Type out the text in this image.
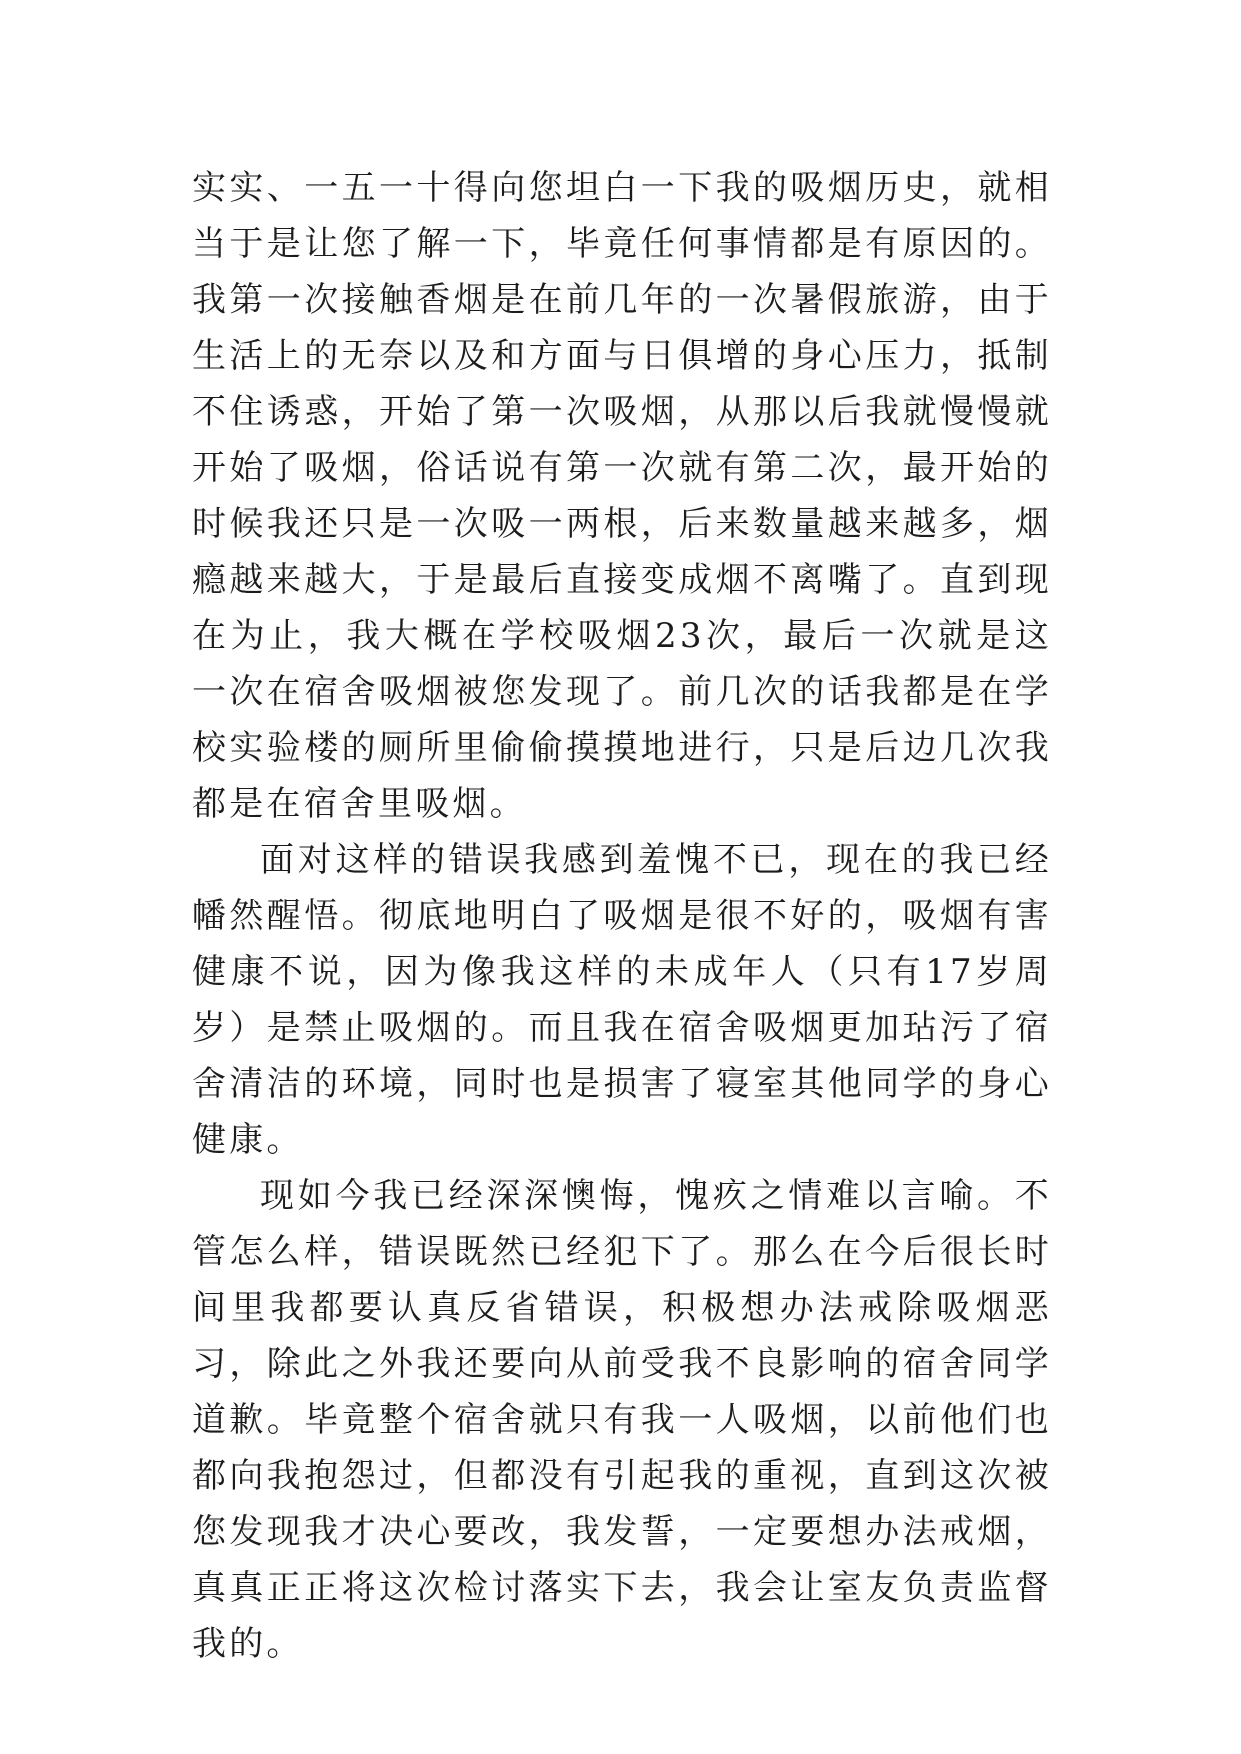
实实、一五一十得向您坦白一下我的吸烟历史，就相当于是让您了解一下，毕竟任何事情都是有原因的。我第一次接触香烟是在前几年的一次暑假旅游，由于生活上的无奈以及和方面与日俱增的身心压力，抵制不住诱惑，开始了第一次吸烟，从那以后我就慢慢就开始了吸烟，俗话说有第一次就有第二次，最开始的时候我还只是一次吸一两根，后来数量越来越多，烟瘾越来越大，于是最后直接变成烟不离嘴了。直到现在为止，我大概在学校吸烟23次，最后一次就是这一次在宿舍吸烟被您发现了。前几次的话我都是在学校实验楼的厕所里偷偷摸摸地进行，只是后边几次我都是在宿舍里吸烟。

面对这样的错误我感到羞愧不已，现在的我已经幡然醒悟。彻底地明白了吸烟是很不好的，吸烟有害健康不说，因为像我这样的未成年人（只有17岁周岁）是禁止吸烟的。而且我在宿舍吸烟更加玷污了宿舍清洁的环境，同时也是损害了寝室其他同学的身心健康。

现如今我已经深深懊悔，愧疚之情难以言喻。不管怎么样，错误既然已经犯下了。那么在今后很长时间里我都要认真反省错误，积极想办法戒除吸烟恶习，除此之外我还要向从前受我不良影响的宿舍同学道歉。毕竟整个宿舍就只有我一人吸烟，以前他们也都向我抱怨过，但都没有引起我的重视，直到这次被您发现我才决心要改，我发誓，一定要想办法戒烟，真真正正将这次检讨落实下去，我会让室友负责监督我的。
